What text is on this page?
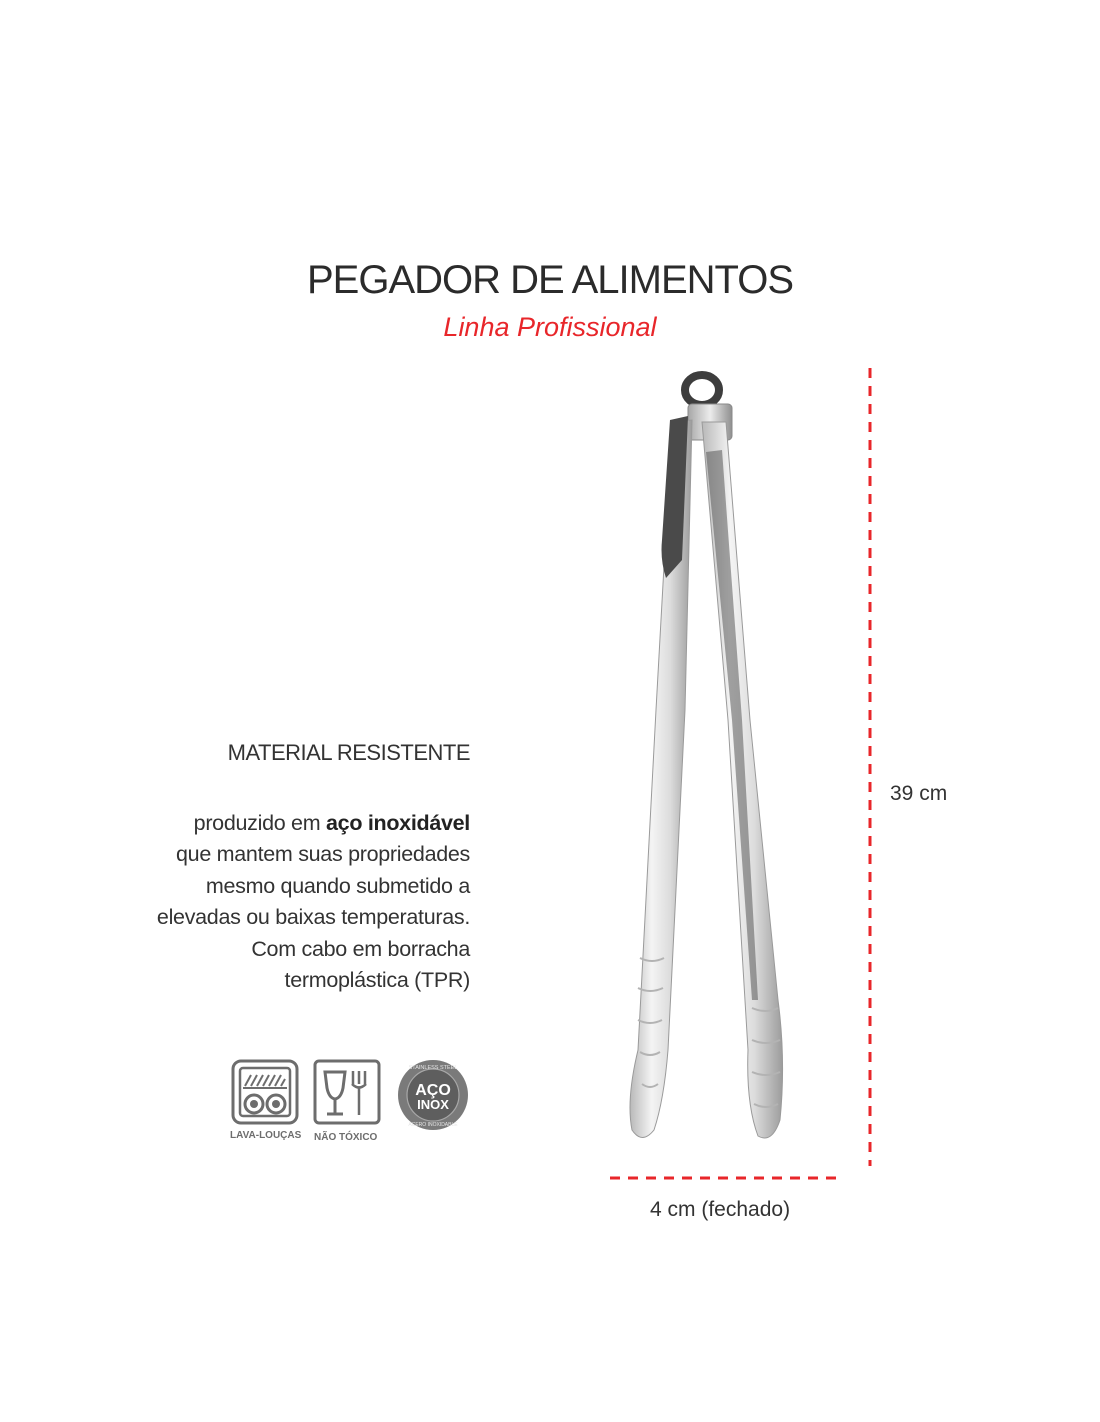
PEGADOR DE ALIMENTOS
Linha Profissional
MATERIAL RESISTENTE
produzido em aço inoxidável
que mantem suas propriedades
mesmo quando submetido a
elevadas ou baixas temperaturas.
Com cabo em borracha
termoplástica (TPR)
LAVA-LOUÇAS NÃO TÓXICO
STAINLESS STEEL
ACERO INOXIDABLE
AÇO
INOX
39 cm
4 cm (fechado)
